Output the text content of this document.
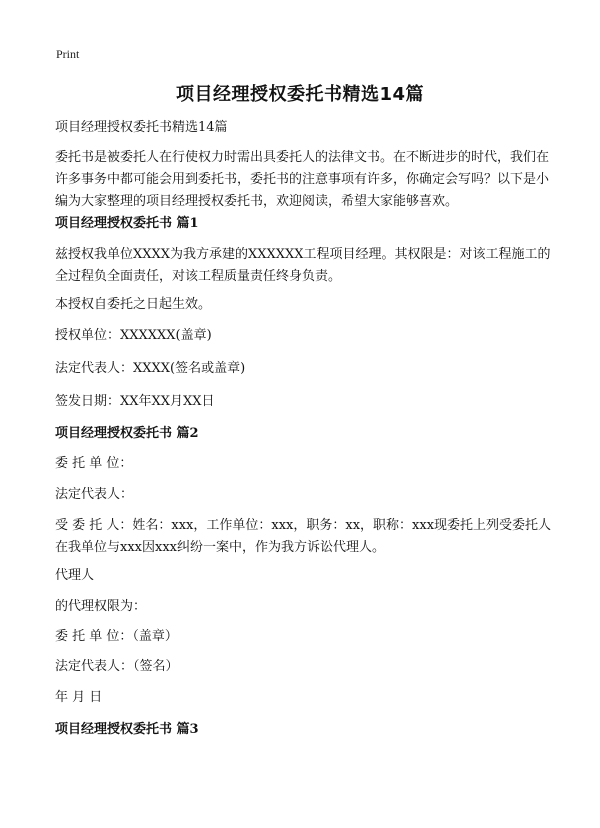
Print
项目经理授权委托书精选14篇

项目经理授权委托书精选14篇

委托书是被委托人在行使权力时需出具委托人的法律文书。在不断进步的时代，我们在许多事务中都可能会用到委托书，委托书的注意事项有许多，你确定会写吗？以下是小编为大家整理的项目经理授权委托书，欢迎阅读，希望大家能够喜欢。

项目经理授权委托书 篇1

兹授权我单位XXXX为我方承建的XXXXXX工程项目经理。其权限是：对该工程施工的全过程负全面责任，对该工程质量责任终身负责。

本授权自委托之日起生效。

授权单位：XXXXXX(盖章)

法定代表人：XXXX(签名或盖章)

签发日期：XX年XX月XX日

项目经理授权委托书 篇2

委 托 单 位：

法定代表人：

受 委 托 人：姓名：xxx，工作单位：xxx，职务：xx，职称：xxx现委托上列受委托人在我单位与xxx因xxx纠纷一案中，作为我方诉讼代理人。

代理人

的代理权限为：

委 托 单 位：（盖章）

法定代表人：（签名）

年 月 日

项目经理授权委托书 篇3
